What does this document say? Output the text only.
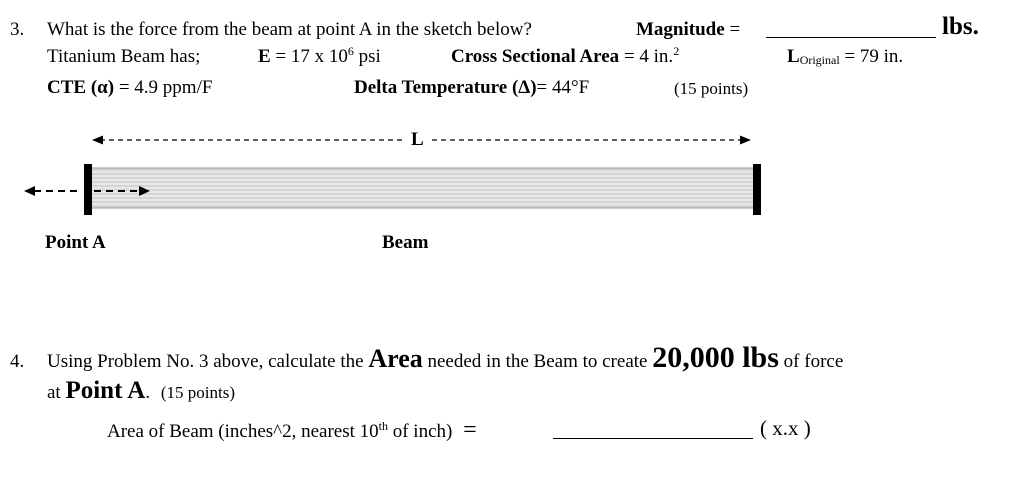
3. What is the force from the beam at point A in the sketch below?	Magnitude =	lbs.
Titanium Beam has;	E = 17 x $10^6$ psi	Cross Sectional Area = 4 in.$^2$	$L_{Original} = 79$ in.
CTE (α) = 4.9 ppm/F	Delta Temperature (Δ)= 44°F	(15 points)
L
Point A	Beam
4. Using Problem No. 3 above, calculate the Area needed in the Beam to create 20,000 lbs of force
at Point A. (15 points)
Area of Beam (inches^2, nearest 10th of inch) =	( x.x )
